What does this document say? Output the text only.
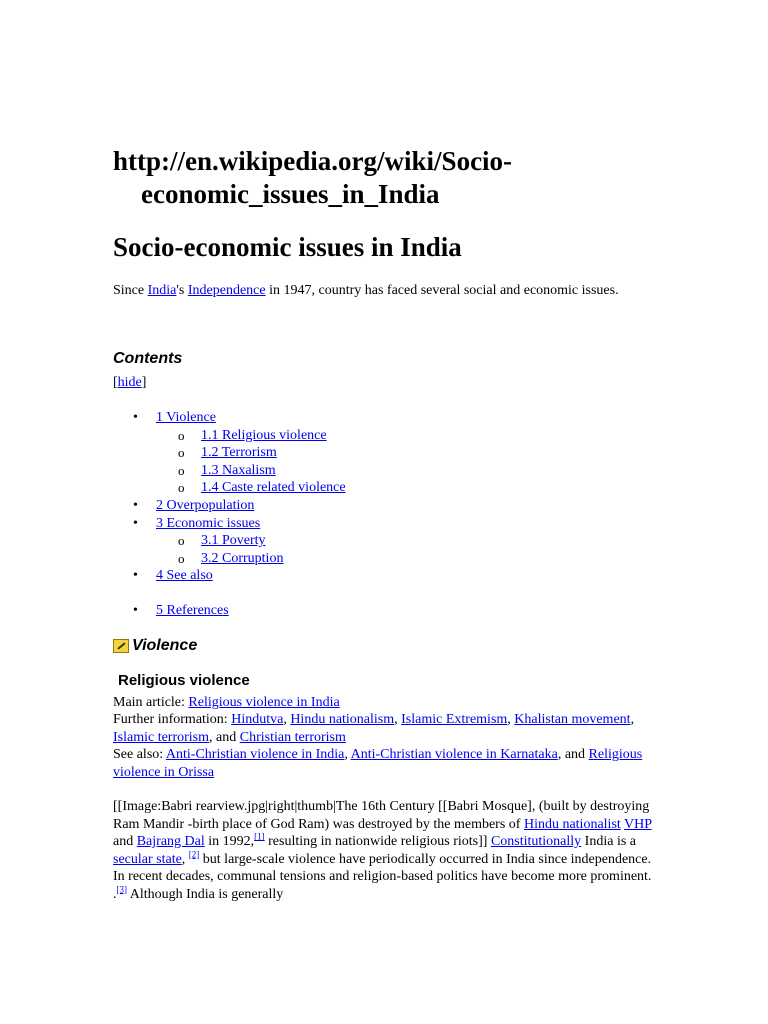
http://en.wikipedia.org/wiki/Socio-economic_issues_in_India
Socio-economic issues in India

Since India's Independence in 1947, country has faced several social and economic issues.

Contents
[hide]
• 1 Violence
o 1.1 Religious violence
o 1.2 Terrorism
o 1.3 Naxalism
o 1.4 Caste related violence
• 2 Overpopulation
• 3 Economic issues
o 3.1 Poverty
o 3.2 Corruption
• 4 See also
• 5 References
Violence
Religious violence

Main article: Religious violence in India
Further information: Hindutva, Hindu nationalism, Islamic Extremism, Khalistan movement, Islamic terrorism, and Christian terrorism
See also: Anti-Christian violence in India, Anti-Christian violence in Karnataka, and Religious violence in Orissa

[[Image:Babri rearview.jpg|right|thumb|The 16th Century [[Babri Mosque], (built by destroying Ram Mandir -birth place of God Ram) was destroyed by the members of Hindu nationalist VHP and Bajrang Dal in 1992,[1] resulting in nationwide religious riots]] Constitutionally India is a secular state, [2] but large-scale violence have periodically occurred in India since independence. In recent decades, communal tensions and religion-based politics have become more prominent. .[3] Although India is generally
